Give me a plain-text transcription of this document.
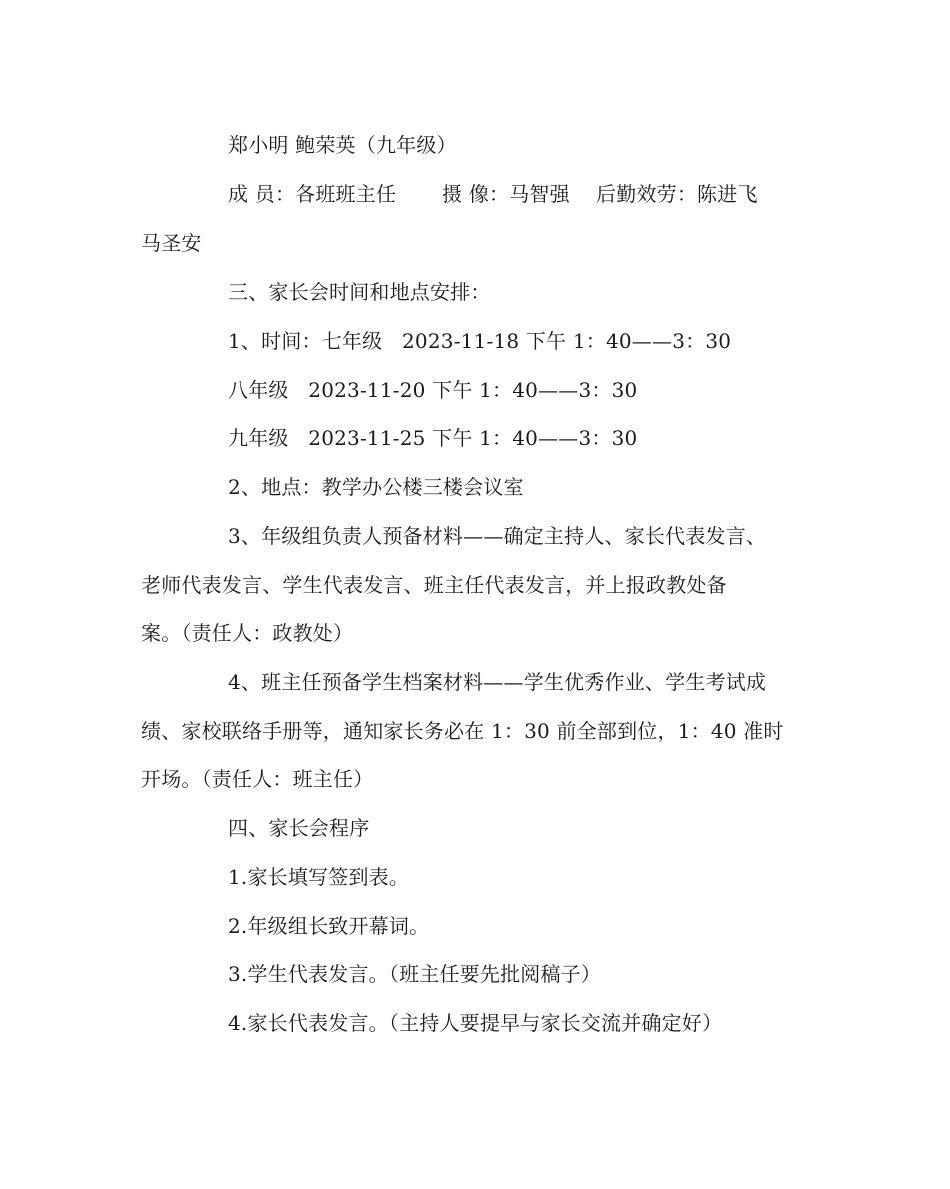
郑小明 鲍荣英（九年级）
成 员：各班班主任       摄 像：马智强    后勤效劳：陈进飞
马圣安
三、家长会时间和地点安排：
1、时间：七年级   2023-11-18 下午 1：40——3：30
八年级   2023-11-20 下午 1：40——3：30
九年级   2023-11-25 下午 1：40——3：30
2、地点：教学办公楼三楼会议室
3、年级组负责人预备材料——确定主持人、家长代表发言、
老师代表发言、学生代表发言、班主任代表发言，并上报政教处备
案。（责任人：政教处）
4、班主任预备学生档案材料——学生优秀作业、学生考试成
绩、家校联络手册等，通知家长务必在 1：30 前全部到位，1：40 准时
开场。（责任人：班主任）
四、家长会程序
1.家长填写签到表。
2.年级组长致开幕词。
3.学生代表发言。（班主任要先批阅稿子）
4.家长代表发言。（主持人要提早与家长交流并确定好）
